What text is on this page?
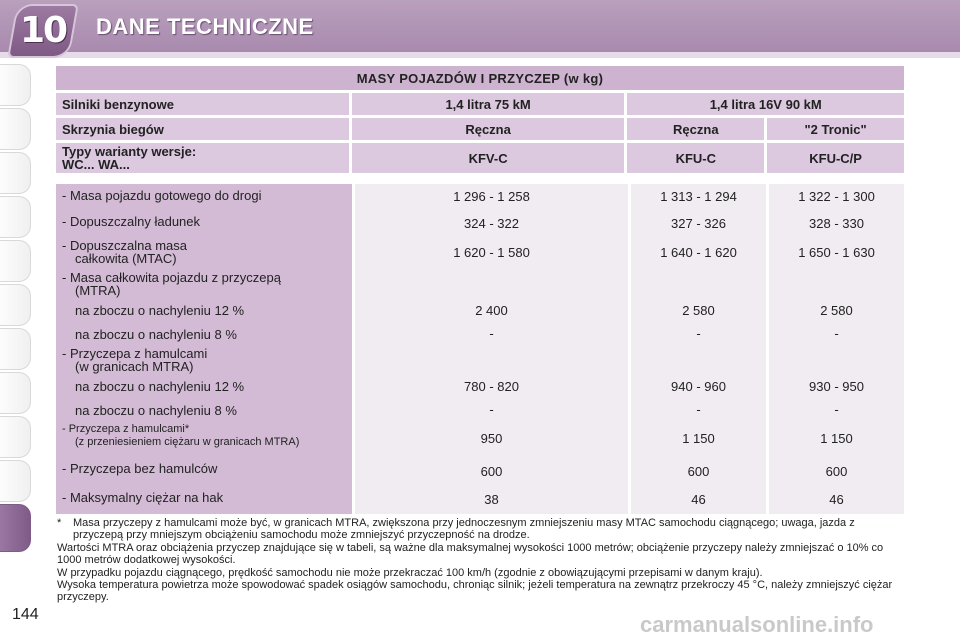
10 DANE TECHNICZNE
MASY POJAZDÓW I PRZYCZEP (w kg)			
Silniki benzynowe	1,4 litra 75 kM	1,4 litra 16V 90 kM	
Skrzynia biegów	Ręczna	Ręczna	"2 Tronic"
Typy warianty wersje:
WC... WA...	KFV-C	KFU-C	KFU-C/P
- Masa pojazdu gotowego do drogi	1 296 - 1 258	1 313 - 1 294	1 322 - 1 300
- Dopuszczalny ładunek	324 - 322	327 - 326	328 - 330
- Dopuszczalna masa
całkowita (MTAC)	1 620 - 1 580	1 640 - 1 620	1 650 - 1 630
- Masa całkowita pojazdu z przyczepą
(MTRA)
na zboczu o nachyleniu 12 %	2 400	2 580	2 580
na zboczu o nachyleniu 8 %	-	-	-
- Przyczepa z hamulcami
(w granicach MTRA)
na zboczu o nachyleniu 12 %	780 - 820	940 - 960	930 - 950
na zboczu o nachyleniu 8 %	-	-	-
- Przyczepa z hamulcami*
(z przeniesieniem ciężaru w granicach MTRA)	950	1 150	1 150
- Przyczepa bez hamulców	600	600	600
- Maksymalny ciężar na hak	38	46	46
*	Masa przyczepy z hamulcami może być, w granicach MTRA, zwiększona przy jednoczesnym zmniejszeniu masy MTAC samochodu ciągnącego; uwaga, jazda z przyczepą przy mniejszym obciążeniu samochodu może zmniejszyć przyczepność na drodze.

Wartości MTRA oraz obciążenia przyczep znajdujące się w tabeli, są ważne dla maksymalnej wysokości 1000 metrów; obciążenie przyczepy należy zmniejszać o 10% co 1000 metrów dodatkowej wysokości.

W przypadku pojazdu ciągnącego, prędkość samochodu nie może przekraczać 100 km/h (zgodnie z obowiązującymi przepisami w danym kraju).

Wysoka temperatura powietrza może spowodować spadek osiągów samochodu, chroniąc silnik; jeżeli temperatura na zewnątrz przekroczy 45 °C, należy zmniejszyć ciężar przyczepy.

144	carmanualsonline.info
